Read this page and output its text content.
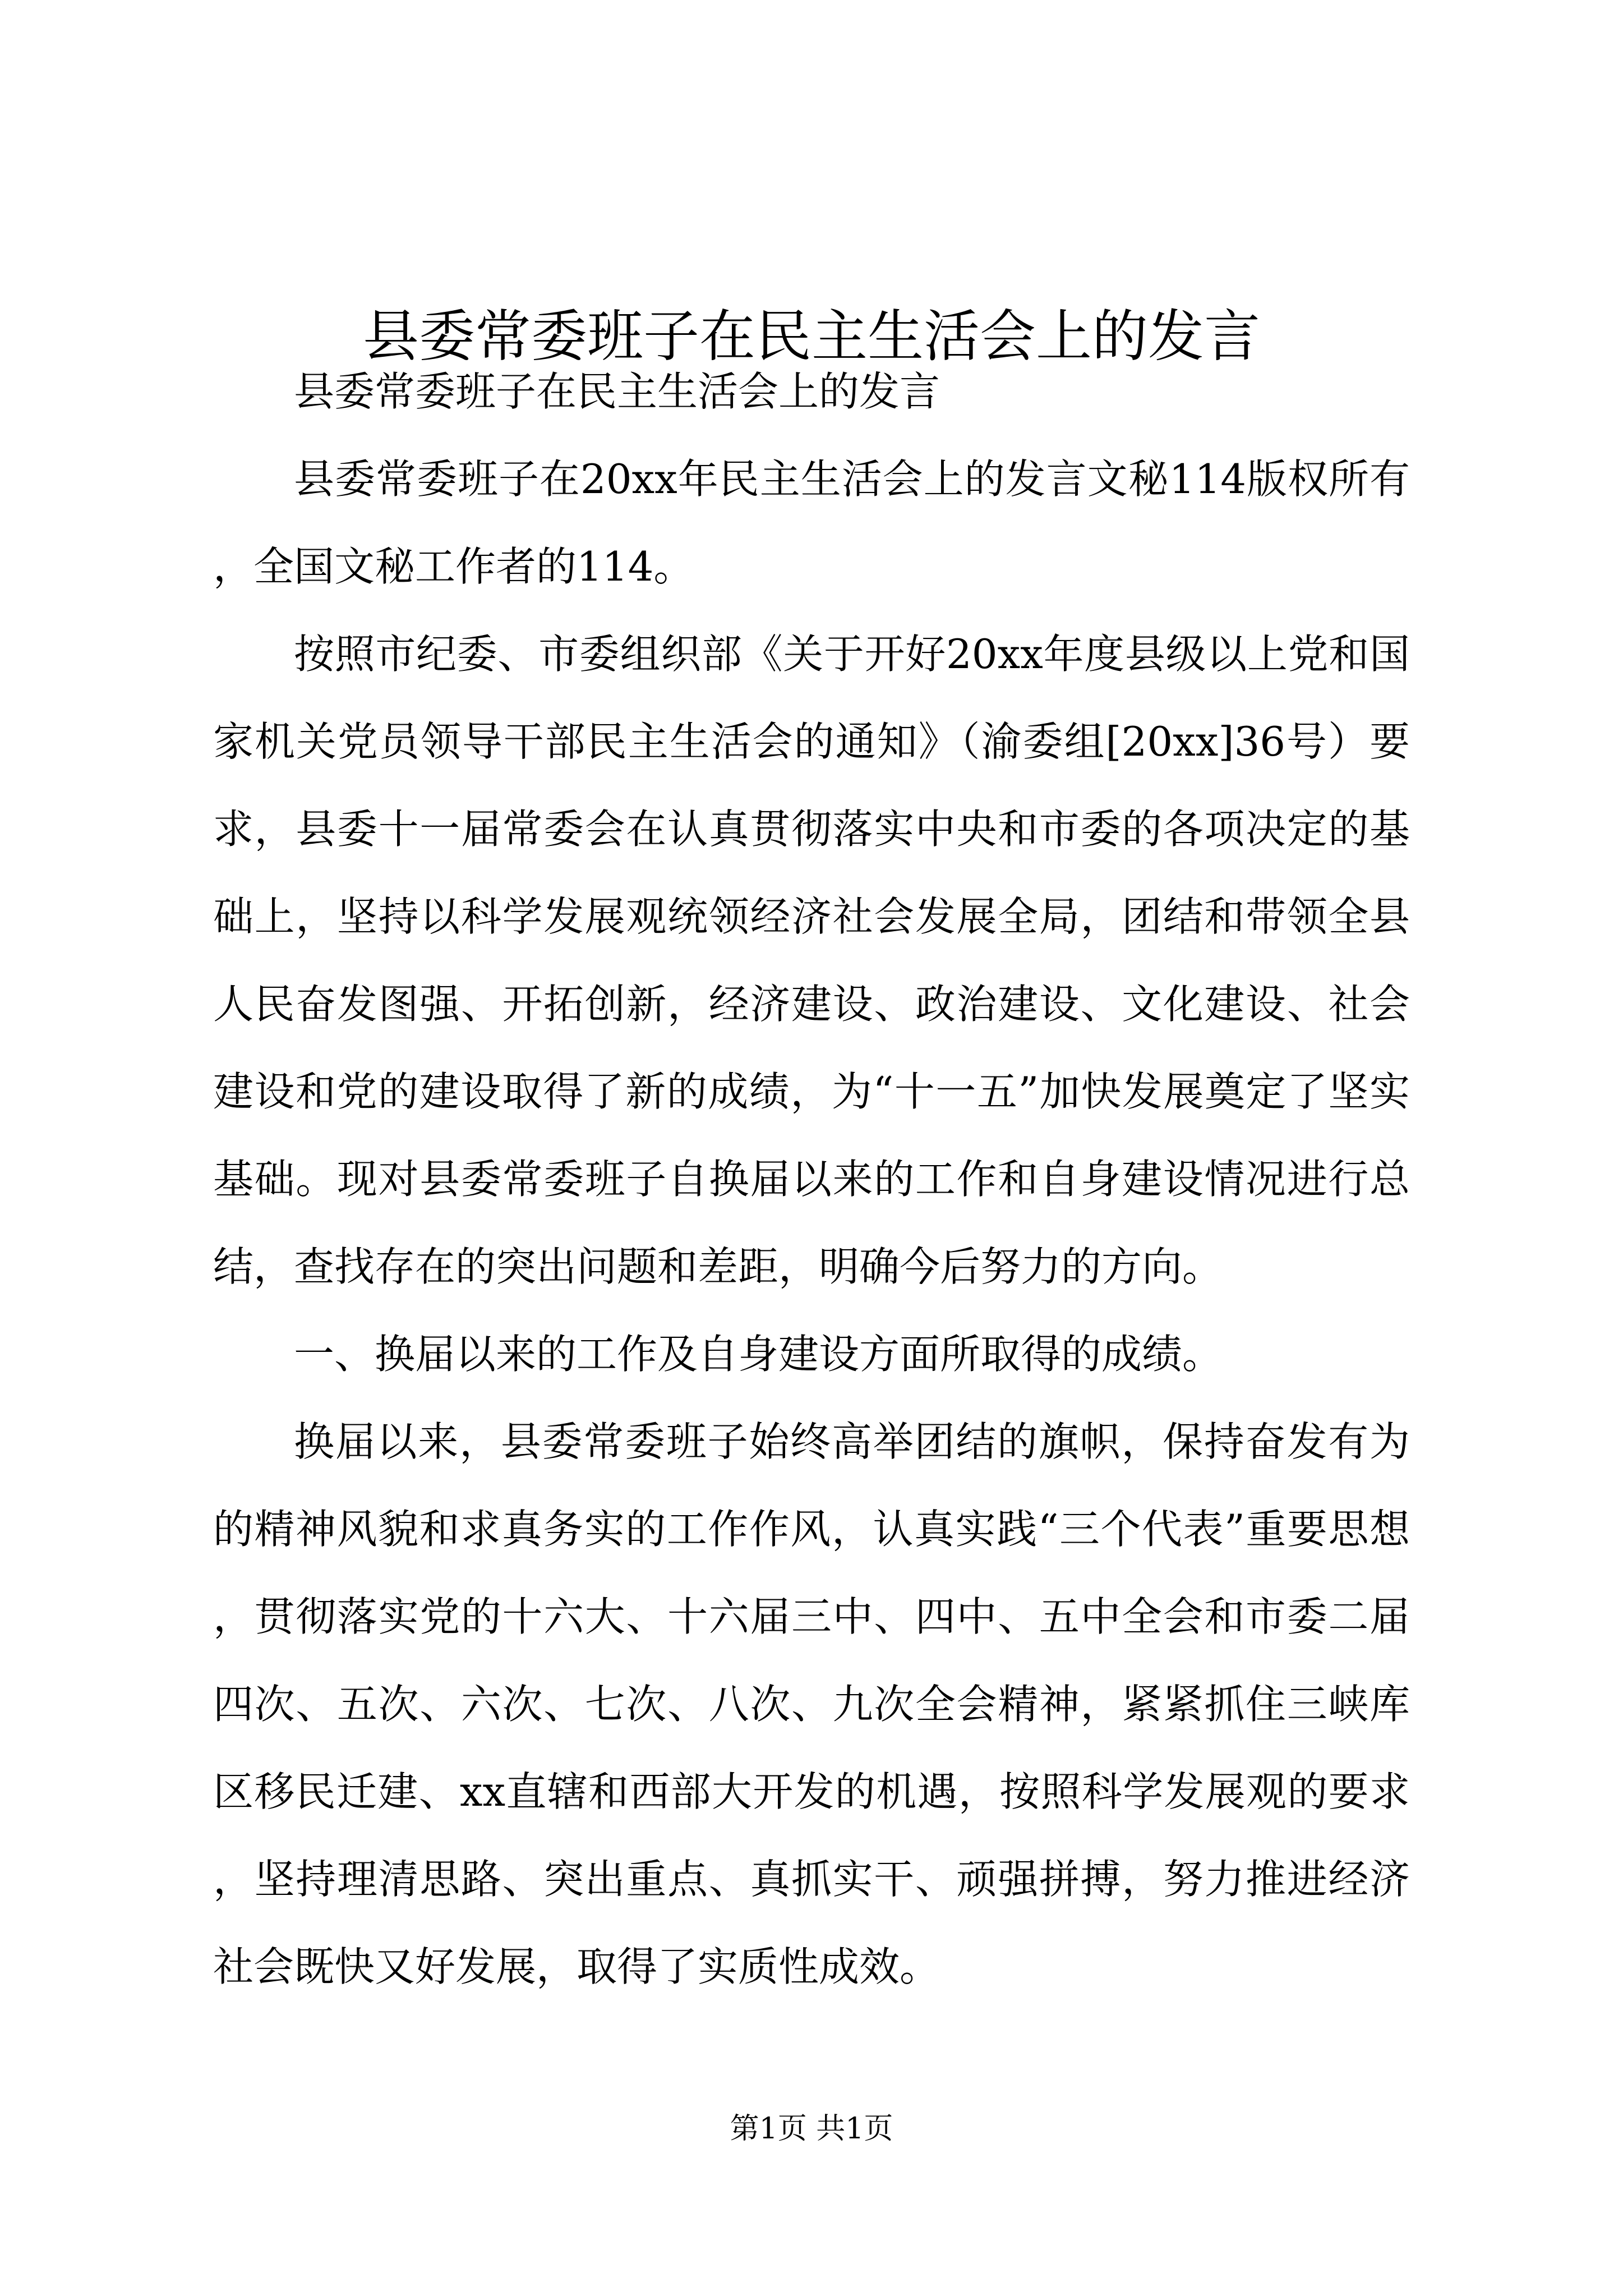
县委常委班子在民主生活会上的发言

县委常委班子在民主生活会上的发言

县委常委班子在20xx年民主生活会上的发言文秘114版权所有，全国文秘工作者的114。

按照市纪委、市委组织部《关于开好20xx年度县级以上党和国家机关党员领导干部民主生活会的通知》（渝委组[20xx]36号）要求，县委十一届常委会在认真贯彻落实中央和市委的各项决定的基础上，坚持以科学发展观统领经济社会发展全局，团结和带领全县人民奋发图强、开拓创新，经济建设、政治建设、文化建设、社会建设和党的建设取得了新的成绩，为“十一五”加快发展奠定了坚实基础。现对县委常委班子自换届以来的工作和自身建设情况进行总结，查找存在的突出问题和差距，明确今后努力的方向。

一、换届以来的工作及自身建设方面所取得的成绩。

换届以来，县委常委班子始终高举团结的旗帜，保持奋发有为的精神风貌和求真务实的工作作风，认真实践“三个代表”重要思想，贯彻落实党的十六大、十六届三中、四中、五中全会和市委二届四次、五次、六次、七次、八次、九次全会精神，紧紧抓住三峡库区移民迁建、xx直辖和西部大开发的机遇，按照科学发展观的要求，坚持理清思路、突出重点、真抓实干、顽强拼搏，努力推进经济社会既快又好发展，取得了实质性成效。

第1页 共1页
